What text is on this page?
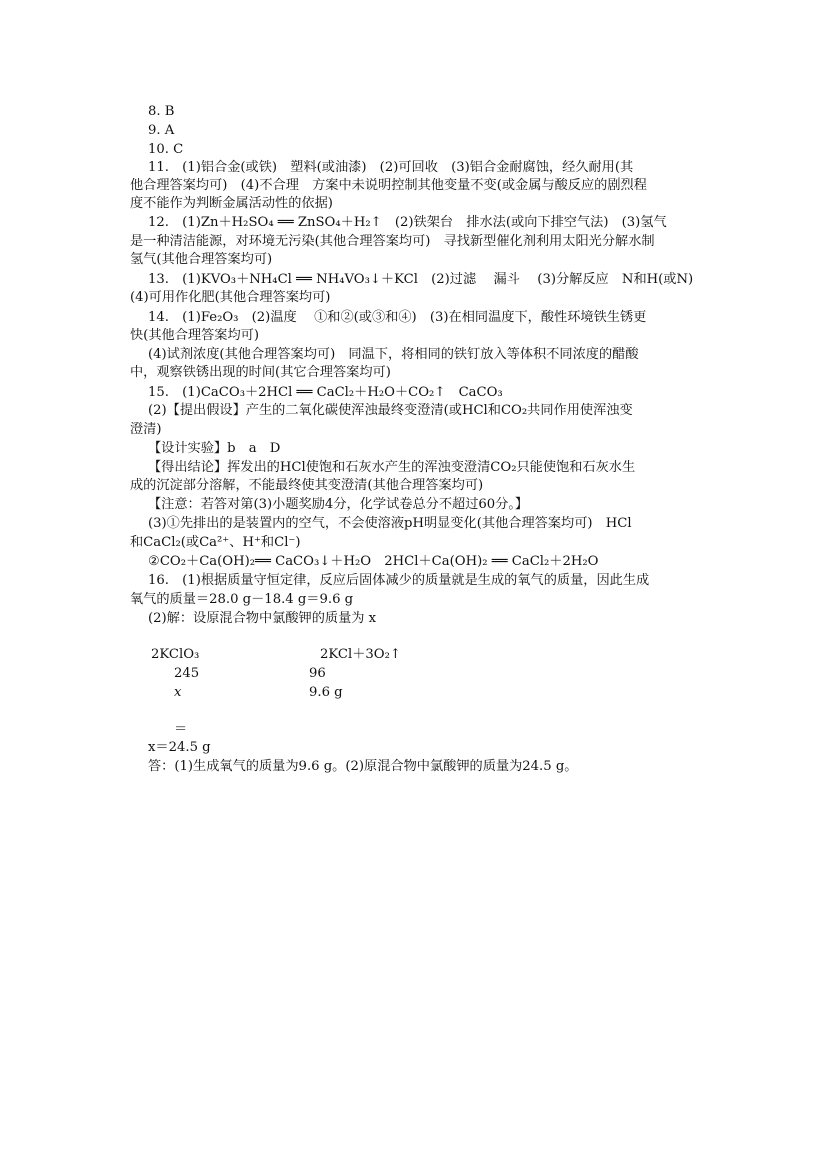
8. B
9. A
10. C
11.　(1)铝合金(或铁)　塑料(或油漆)　(2)可回收　(3)铝合金耐腐蚀，经久耐用(其
他合理答案均可)　(4)不合理　方案中未说明控制其他变量不变(或金属与酸反应的剧烈程
度不能作为判断金属活动性的依据)
12.　(1)Zn＋H₂SO₄ ══ ZnSO₄＋H₂↑　(2)铁架台　排水法(或向下排空气法)　(3)氢气
是一种清洁能源，对环境无污染(其他合理答案均可)　寻找新型催化剂利用太阳光分解水制
氢气(其他合理答案均可)
13.　(1)KVO₃＋NH₄Cl ══ NH₄VO₃↓＋KCl　(2)过滤　 漏斗　 (3)分解反应　N和H(或N)
(4)可用作化肥(其他合理答案均可)
14.　(1)Fe₂O₃　(2)温度　 ①和②(或③和④)　(3)在相同温度下，酸性环境铁生锈更
快(其他合理答案均可)
(4)试剂浓度(其他合理答案均可)　同温下，将相同的铁钉放入等体积不同浓度的醋酸
中，观察铁锈出现的时间(其它合理答案均可)
15.　(1)CaCO₃＋2HCl ══ CaCl₂＋H₂O＋CO₂↑　CaCO₃
(2)【提出假设】产生的二氧化碳使浑浊最终变澄清(或HCl和CO₂共同作用使浑浊变
澄清)
【设计实验】b　a　D
【得出结论】挥发出的HCl使饱和石灰水产生的浑浊变澄清CO₂只能使饱和石灰水生
成的沉淀部分溶解，不能最终使其变澄清(其他合理答案均可)
【注意：若答对第(3)小题奖励4分，化学试卷总分不超过60分。】
(3)①先排出的是装置内的空气，不会使溶液pH明显变化(其他合理答案均可)　HCl
和CaCl₂(或Ca²⁺、H⁺和Cl⁻)
②CO₂＋Ca(OH)₂══ CaCO₃↓＋H₂O　2HCl＋Ca(OH)₂ ══ CaCl₂＋2H₂O
16.　(1)根据质量守恒定律，反应后固体减少的质量就是生成的氧气的质量，因此生成
氧气的质量＝28.0 g－18.4 g＝9.6 g
(2)解：设原混合物中氯酸钾的质量为 x
2KClO₃	2KCl＋3O₂↑
245	96
x	9.6 g
＝
x＝24.5 g
答：(1)生成氧气的质量为9.6 g。(2)原混合物中氯酸钾的质量为24.5 g。
